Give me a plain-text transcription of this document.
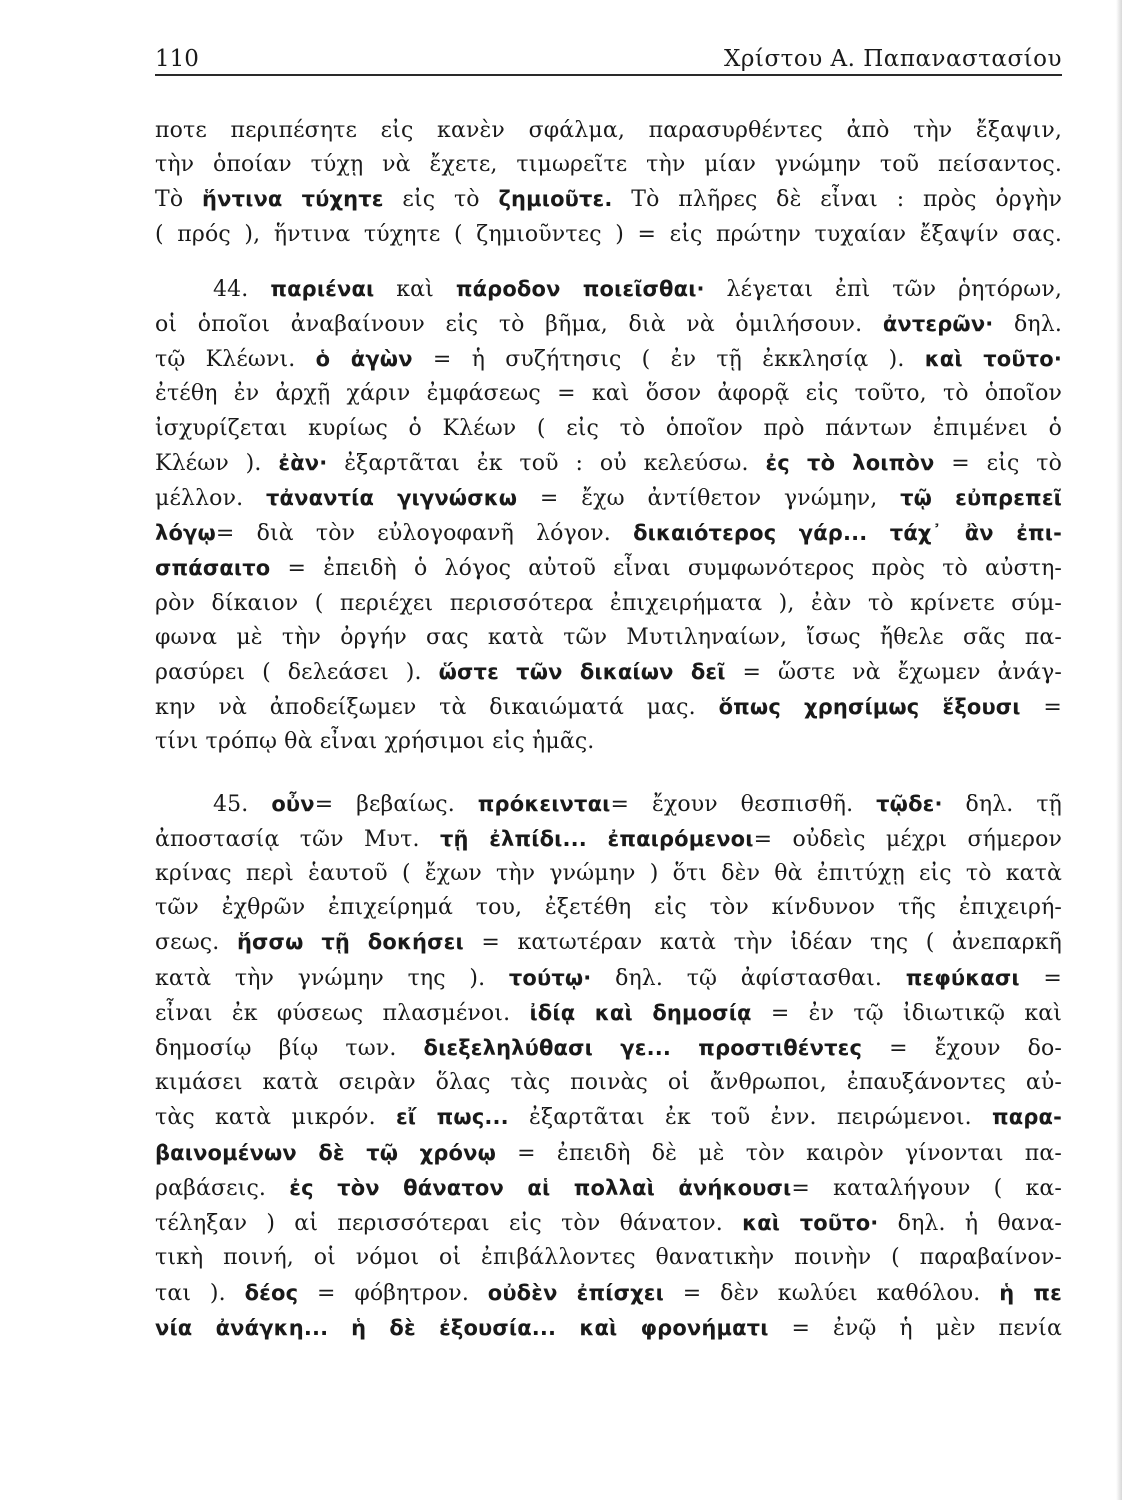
110	Χρίστου Α. Παπαναστασίου

ποτε περιπέσητε εἰς κανὲν σφάλμα, παρασυρθέντες ἀπὸ τὴν ἔξαψιν,

τὴν ὁποίαν τύχῃ νὰ ἔχετε, τιμωρεῖτε τὴν μίαν γνώμην τοῦ πείσαντος.

Τὸ ἥντινα τύχητε εἰς τὸ ζημιοῦτε. Τὸ πλῆρες δὲ εἶναι : πρὸς ὀργὴν

( πρός ), ἥντινα τύχητε ( ζημιοῦντες ) = εἰς πρώτην τυχαίαν ἔξαψίν σας.

44. παριέναι καὶ πάροδον ποιεῖσθαι· λέγεται ἐπὶ τῶν ῥητόρων,

οἱ ὁποῖοι ἀναβαίνουν εἰς τὸ βῆμα, διὰ νὰ ὁμιλήσουν. ἀντερῶν· δηλ.

τῷ Κλέωνι. ὁ ἀγὼν = ἡ συζήτησις ( ἐν τῇ ἐκκλησίᾳ ). καὶ τοῦτο·

ἐτέθη ἐν ἀρχῇ χάριν ἐμφάσεως = καὶ ὅσον ἀφορᾷ εἰς τοῦτο, τὸ ὁποῖον

ἰσχυρίζεται κυρίως ὁ Κλέων ( εἰς τὸ ὁποῖον πρὸ πάντων ἐπιμένει ὁ

Κλέων ). ἐὰν· ἐξαρτᾶται ἐκ τοῦ : οὐ κελεύσω. ἐς τὸ λοιπὸν = εἰς τὸ

μέλλον. τἀναντία γιγνώσκω = ἔχω ἀντίθετον γνώμην, τῷ εὐπρεπεῖ

λόγῳ= διὰ τὸν εὐλογοφανῆ λόγον. δικαιότερος γάρ... τάχ᾽ ἂν ἐπι-

σπάσαιτο = ἐπειδὴ ὁ λόγος αὐτοῦ εἶναι συμφωνότερος πρὸς τὸ αὐστη-

ρὸν δίκαιον ( περιέχει περισσότερα ἐπιχειρήματα ), ἐὰν τὸ κρίνετε σύμ-

φωνα μὲ τὴν ὀργήν σας κατὰ τῶν Μυτιληναίων, ἴσως ἤθελε σᾶς πα-

ρασύρει ( δελεάσει ). ὥστε τῶν δικαίων δεῖ = ὥστε νὰ ἔχωμεν ἀνάγ-

κην νὰ ἀποδείξωμεν τὰ δικαιώματά μας. ὅπως χρησίμως ἕξουσι =

τίνι τρόπῳ θὰ εἶναι χρήσιμοι εἰς ἡμᾶς.

45. οὖν= βεβαίως. πρόκεινται= ἔχουν θεσπισθῆ. τῷδε· δηλ. τῇ

ἀποστασίᾳ τῶν Μυτ. τῇ ἐλπίδι... ἐπαιρόμενοι= οὐδεὶς μέχρι σήμερον

κρίνας περὶ ἑαυτοῦ ( ἔχων τὴν γνώμην ) ὅτι δὲν θὰ ἐπιτύχῃ εἰς τὸ κατὰ

τῶν ἐχθρῶν ἐπιχείρημά του, ἐξετέθη εἰς τὸν κίνδυνον τῆς ἐπιχειρή-

σεως. ἥσσω τῇ δοκήσει = κατωτέραν κατὰ τὴν ἰδέαν της ( ἀνεπαρκῆ

κατὰ τὴν γνώμην της ). τούτῳ· δηλ. τῷ ἀφίστασθαι. πεφύκασι =

εἶναι ἐκ φύσεως πλασμένοι. ἰδίᾳ καὶ δημοσίᾳ = ἐν τῷ ἰδιωτικῷ καὶ

δημοσίῳ βίῳ των. διεξεληλύθασι γε... προστιθέντες = ἔχουν δο-

κιμάσει κατὰ σειρὰν ὅλας τὰς ποινὰς οἱ ἄνθρωποι, ἐπαυξάνοντες αὐ-

τὰς κατὰ μικρόν. εἴ πως... ἐξαρτᾶται ἐκ τοῦ ἐνν. πειρώμενοι. παρα-

βαινομένων δὲ τῷ χρόνῳ = ἐπειδὴ δὲ μὲ τὸν καιρὸν γίνονται πα-

ραβάσεις. ἐς τὸν θάνατον αἱ πολλαὶ ἀνήκουσι= καταλήγουν ( κα-

τέληξαν ) αἱ περισσότεραι εἰς τὸν θάνατον. καὶ τοῦτο· δηλ. ἡ θανα-

τικὴ ποινή, οἱ νόμοι οἱ ἐπιβάλλοντες θανατικὴν ποινὴν ( παραβαίνον-

ται ). δέος = φόβητρον. οὐδὲν ἐπίσχει = δὲν κωλύει καθόλου. ἡ πε

νία ἀνάγκη... ἡ δὲ ἐξουσία... καὶ φρονήματι = ἐνῷ ἡ μὲν πενία
